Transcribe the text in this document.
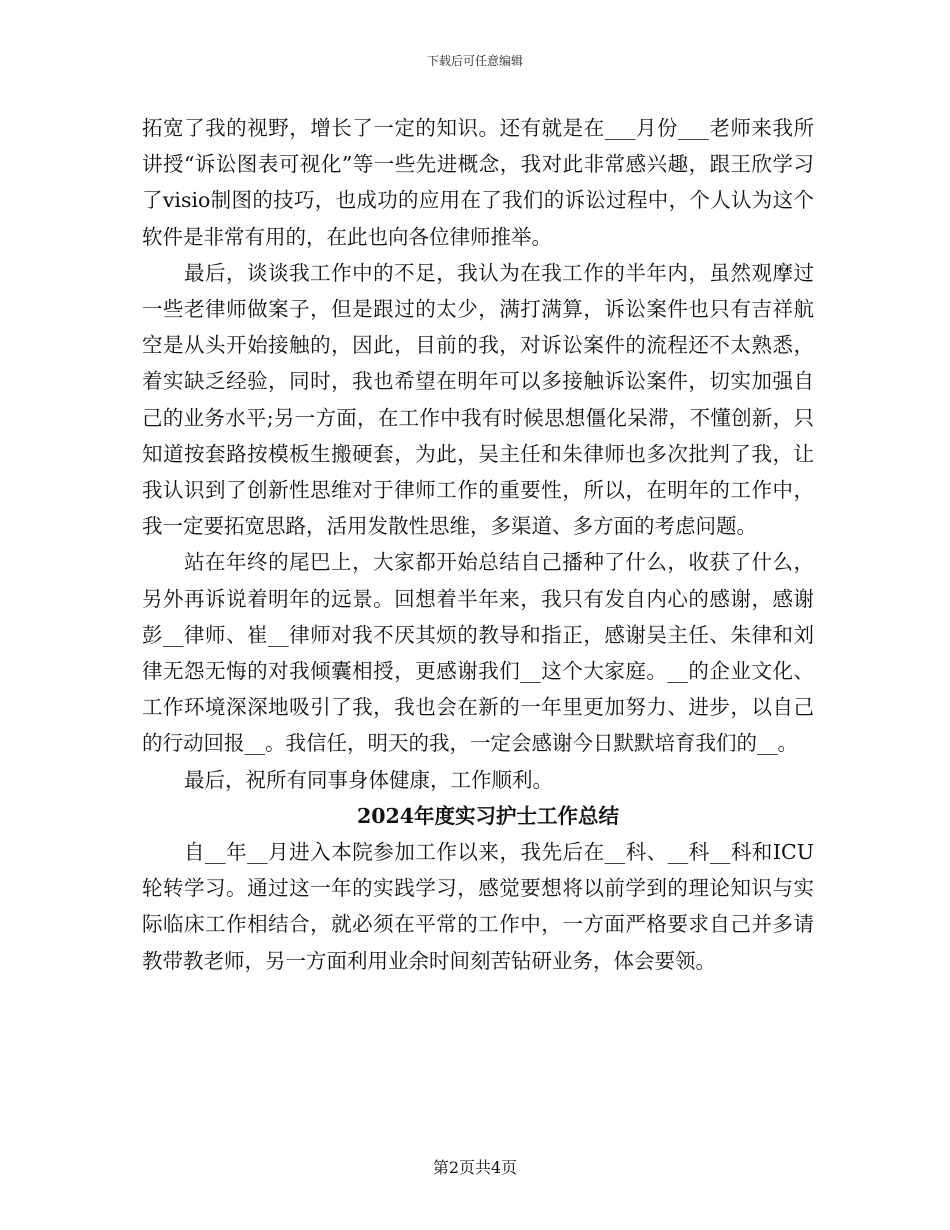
下载后可任意编辑

拓宽了我的视野，增长了一定的知识。还有就是在___月份___老师来我所讲授“诉讼图表可视化”等一些先进概念，我对此非常感兴趣，跟王欣学习了visio制图的技巧，也成功的应用在了我们的诉讼过程中，个人认为这个软件是非常有用的，在此也向各位律师推举。

最后，谈谈我工作中的不足，我认为在我工作的半年内，虽然观摩过一些老律师做案子，但是跟过的太少，满打满算，诉讼案件也只有吉祥航空是从头开始接触的，因此，目前的我，对诉讼案件的流程还不太熟悉，着实缺乏经验，同时，我也希望在明年可以多接触诉讼案件，切实加强自己的业务水平;另一方面，在工作中我有时候思想僵化呆滞，不懂创新，只知道按套路按模板生搬硬套，为此，吴主任和朱律师也多次批判了我，让我认识到了创新性思维对于律师工作的重要性，所以，在明年的工作中，我一定要拓宽思路，活用发散性思维，多渠道、多方面的考虑问题。

站在年终的尾巴上，大家都开始总结自己播种了什么，收获了什么，另外再诉说着明年的远景。回想着半年来，我只有发自内心的感谢，感谢彭__律师、崔__律师对我不厌其烦的教导和指正，感谢吴主任、朱律和刘律无怨无悔的对我倾囊相授，更感谢我们__这个大家庭。__的企业文化、工作环境深深地吸引了我，我也会在新的一年里更加努力、进步，以自己的行动回报__。我信任，明天的我，一定会感谢今日默默培育我们的__。

最后，祝所有同事身体健康，工作顺利。

2024年度实习护士工作总结

自__年__月进入本院参加工作以来，我先后在__科、__科__科和ICU轮转学习。通过这一年的实践学习，感觉要想将以前学到的理论知识与实际临床工作相结合，就必须在平常的工作中，一方面严格要求自己并多请教带教老师，另一方面利用业余时间刻苦钻研业务，体会要领。

第2页共4页
